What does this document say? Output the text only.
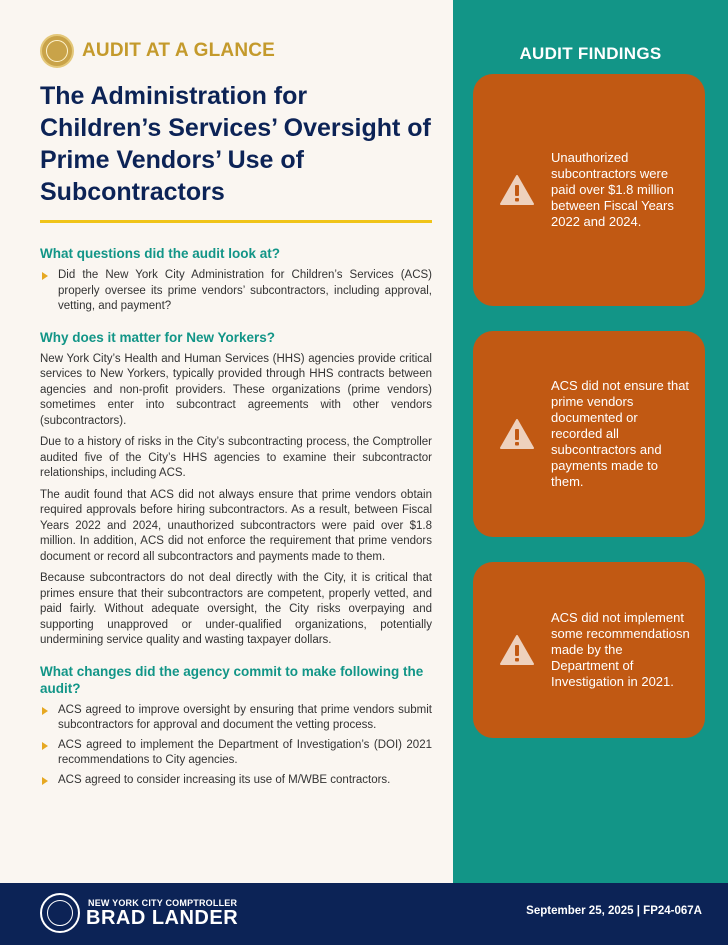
AUDIT AT A GLANCE
The Administration for Children’s Services’ Oversight of Prime Vendors’ Use of Subcontractors
What questions did the audit look at?
Did the New York City Administration for Children’s Services (ACS) properly oversee its prime vendors’ subcontractors, including approval, vetting, and payment?
Why does it matter for New Yorkers?

New York City’s Health and Human Services (HHS) agencies provide critical services to New Yorkers, typically provided through HHS contracts between agencies and non-profit providers. These organizations (prime vendors) sometimes enter into subcontract agreements with other vendors (subcontractors).

Due to a history of risks in the City’s subcontracting process, the Comptroller audited five of the City’s HHS agencies to examine their subcontractor relationships, including ACS.

The audit found that ACS did not always ensure that prime vendors obtain required approvals before hiring subcontractors. As a result, between Fiscal Years 2022 and 2024, unauthorized subcontractors were paid over $1.8 million. In addition, ACS did not enforce the requirement that prime vendors document or record all subcontractors and payments made to them.

Because subcontractors do not deal directly with the City, it is critical that primes ensure that their subcontractors are competent, properly vetted, and paid fairly. Without adequate oversight, the City risks overpaying and supporting unapproved or under-qualified organizations, potentially undermining service quality and wasting taxpayer dollars.

What changes did the agency commit to make following the audit?
ACS agreed to improve oversight by ensuring that prime vendors submit subcontractors for approval and document the vetting process.
ACS agreed to implement the Department of Investigation’s (DOI) 2021 recommendations to City agencies.
ACS agreed to consider increasing its use of M/WBE contractors.
AUDIT FINDINGS
Unauthorized subcontractors were paid over $1.8 million between Fiscal Years 2022 and 2024.
ACS did not ensure that prime vendors documented or recorded all subcontractors and payments made to them.
ACS did not implement some recommendatiosn made by the Department of Investigation in 2021.
NEW YORK CITY COMPTROLLER
BRAD LANDER	September 25, 2025 | FP24-067A
